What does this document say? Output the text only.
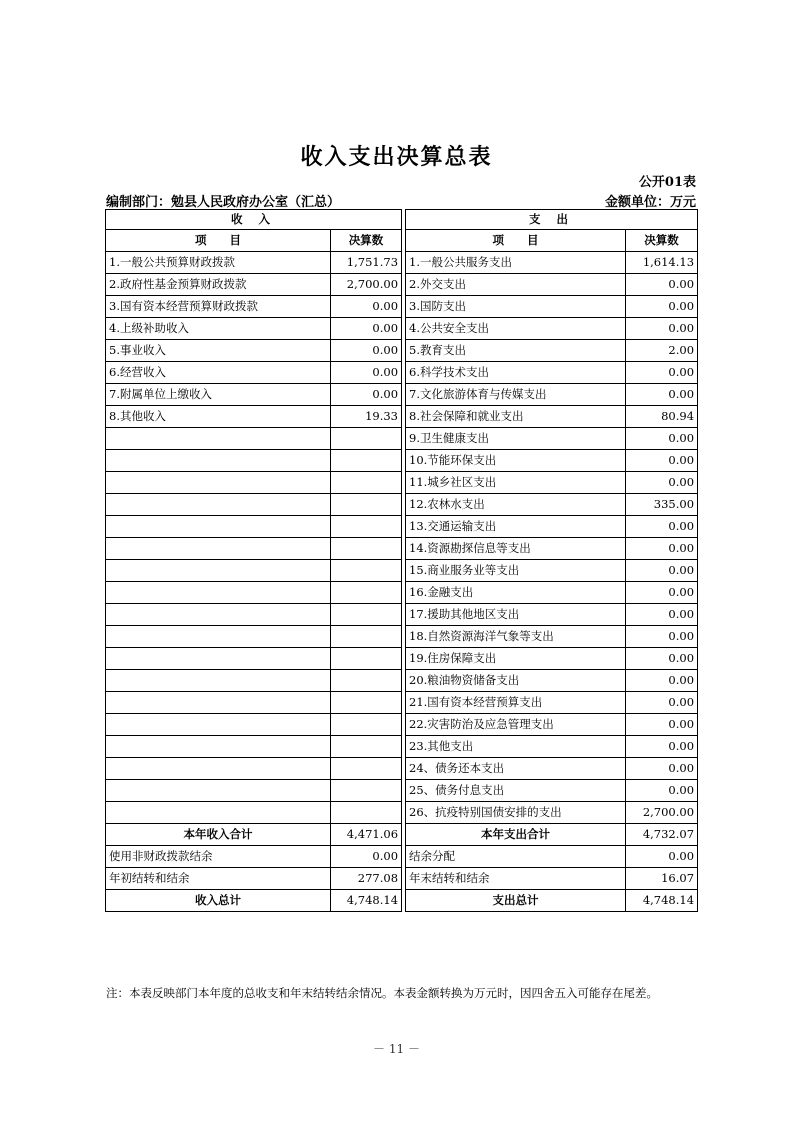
收入支出决算总表
公开01表
编制部门：勉县人民政府办公室（汇总）	金额单位：万元
收 入			支 出	
项　　目	决算数		项　　目	决算数
1.一般公共预算财政拨款	1,751.73		1.一般公共服务支出	1,614.13
2.政府性基金预算财政拨款	2,700.00		2.外交支出	0.00
3.国有资本经营预算财政拨款	0.00		3.国防支出	0.00
4.上级补助收入	0.00		4.公共安全支出	0.00
5.事业收入	0.00		5.教育支出	2.00
6.经营收入	0.00		6.科学技术支出	0.00
7.附属单位上缴收入	0.00		7.文化旅游体育与传媒支出	0.00
8.其他收入	19.33		8.社会保障和就业支出	80.94
			9.卫生健康支出	0.00
			10.节能环保支出	0.00
			11.城乡社区支出	0.00
			12.农林水支出	335.00
			13.交通运输支出	0.00
			14.资源勘探信息等支出	0.00
			15.商业服务业等支出	0.00
			16.金融支出	0.00
			17.援助其他地区支出	0.00
			18.自然资源海洋气象等支出	0.00
			19.住房保障支出	0.00
			20.粮油物资储备支出	0.00
			21.国有资本经营预算支出	0.00
			22.灾害防治及应急管理支出	0.00
			23.其他支出	0.00
			24、债务还本支出	0.00
			25、债务付息支出	0.00
			26、抗疫特别国债安排的支出	2,700.00
本年收入合计	4,471.06		本年支出合计	4,732.07
使用非财政拨款结余	0.00		结余分配	0.00
年初结转和结余	277.08		年末结转和结余	16.07
收入总计	4,748.14		支出总计	4,748.14
注：本表反映部门本年度的总收支和年末结转结余情况。本表金额转换为万元时，因四舍五入可能存在尾差。
－ 11 －
